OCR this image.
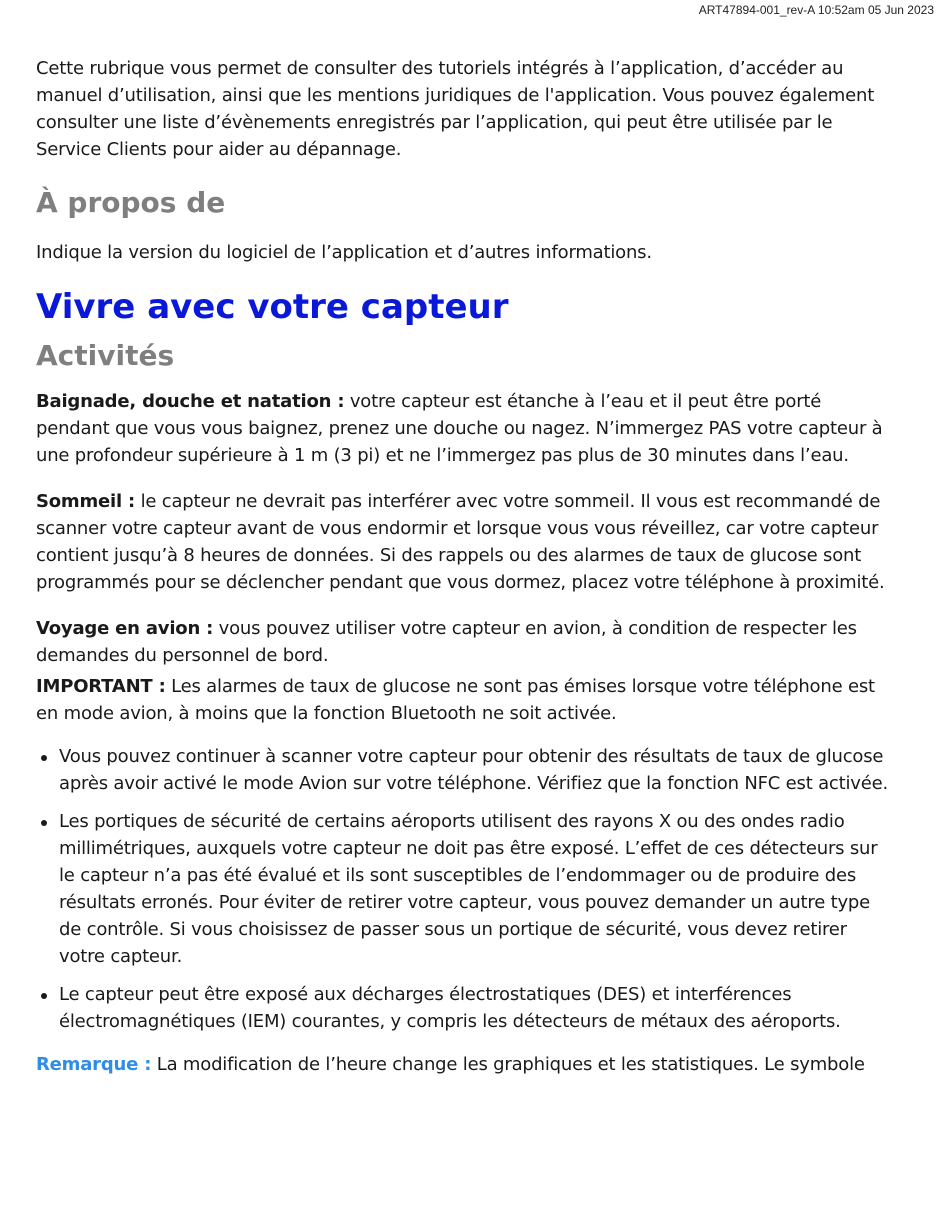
ART47894-001_rev-A 10:52am 05 Jun 2023

Cette rubrique vous permet de consulter des tutoriels intégrés à l’application, d’accéder au manuel d’utilisation, ainsi que les mentions juridiques de l'application. Vous pouvez également consulter une liste d’évènements enregistrés par l’application, qui peut être utilisée par le Service Clients pour aider au dépannage.

À propos de

Indique la version du logiciel de l’application et d’autres informations.

Vivre avec votre capteur
Activités

Baignade, douche et natation : votre capteur est étanche à l’eau et il peut être porté pendant que vous vous baignez, prenez une douche ou nagez. N’immergez PAS votre capteur à une profondeur supérieure à 1 m (3 pi) et ne l’immergez pas plus de 30 minutes dans l’eau.

Sommeil : le capteur ne devrait pas interférer avec votre sommeil. Il vous est recommandé de scanner votre capteur avant de vous endormir et lorsque vous vous réveillez, car votre capteur contient jusqu’à 8 heures de données. Si des rappels ou des alarmes de taux de glucose sont programmés pour se déclencher pendant que vous dormez, placez votre téléphone à proximité.

Voyage en avion : vous pouvez utiliser votre capteur en avion, à condition de respecter les demandes du personnel de bord.

IMPORTANT : Les alarmes de taux de glucose ne sont pas émises lorsque votre téléphone est en mode avion, à moins que la fonction Bluetooth ne soit activée.

Vous pouvez continuer à scanner votre capteur pour obtenir des résultats de taux de glucose après avoir activé le mode Avion sur votre téléphone. Vérifiez que la fonction NFC est activée.
Les portiques de sécurité de certains aéroports utilisent des rayons X ou des ondes radio millimétriques, auxquels votre capteur ne doit pas être exposé. L’effet de ces détecteurs sur le capteur n’a pas été évalué et ils sont susceptibles de l’endommager ou de produire des résultats erronés. Pour éviter de retirer votre capteur, vous pouvez demander un autre type de contrôle. Si vous choisissez de passer sous un portique de sécurité, vous devez retirer votre capteur.
Le capteur peut être exposé aux décharges électrostatiques (DES) et interférences électromagnétiques (IEM) courantes, y compris les détecteurs de métaux des aéroports.

Remarque : La modification de l’heure change les graphiques et les statistiques. Le symbole
